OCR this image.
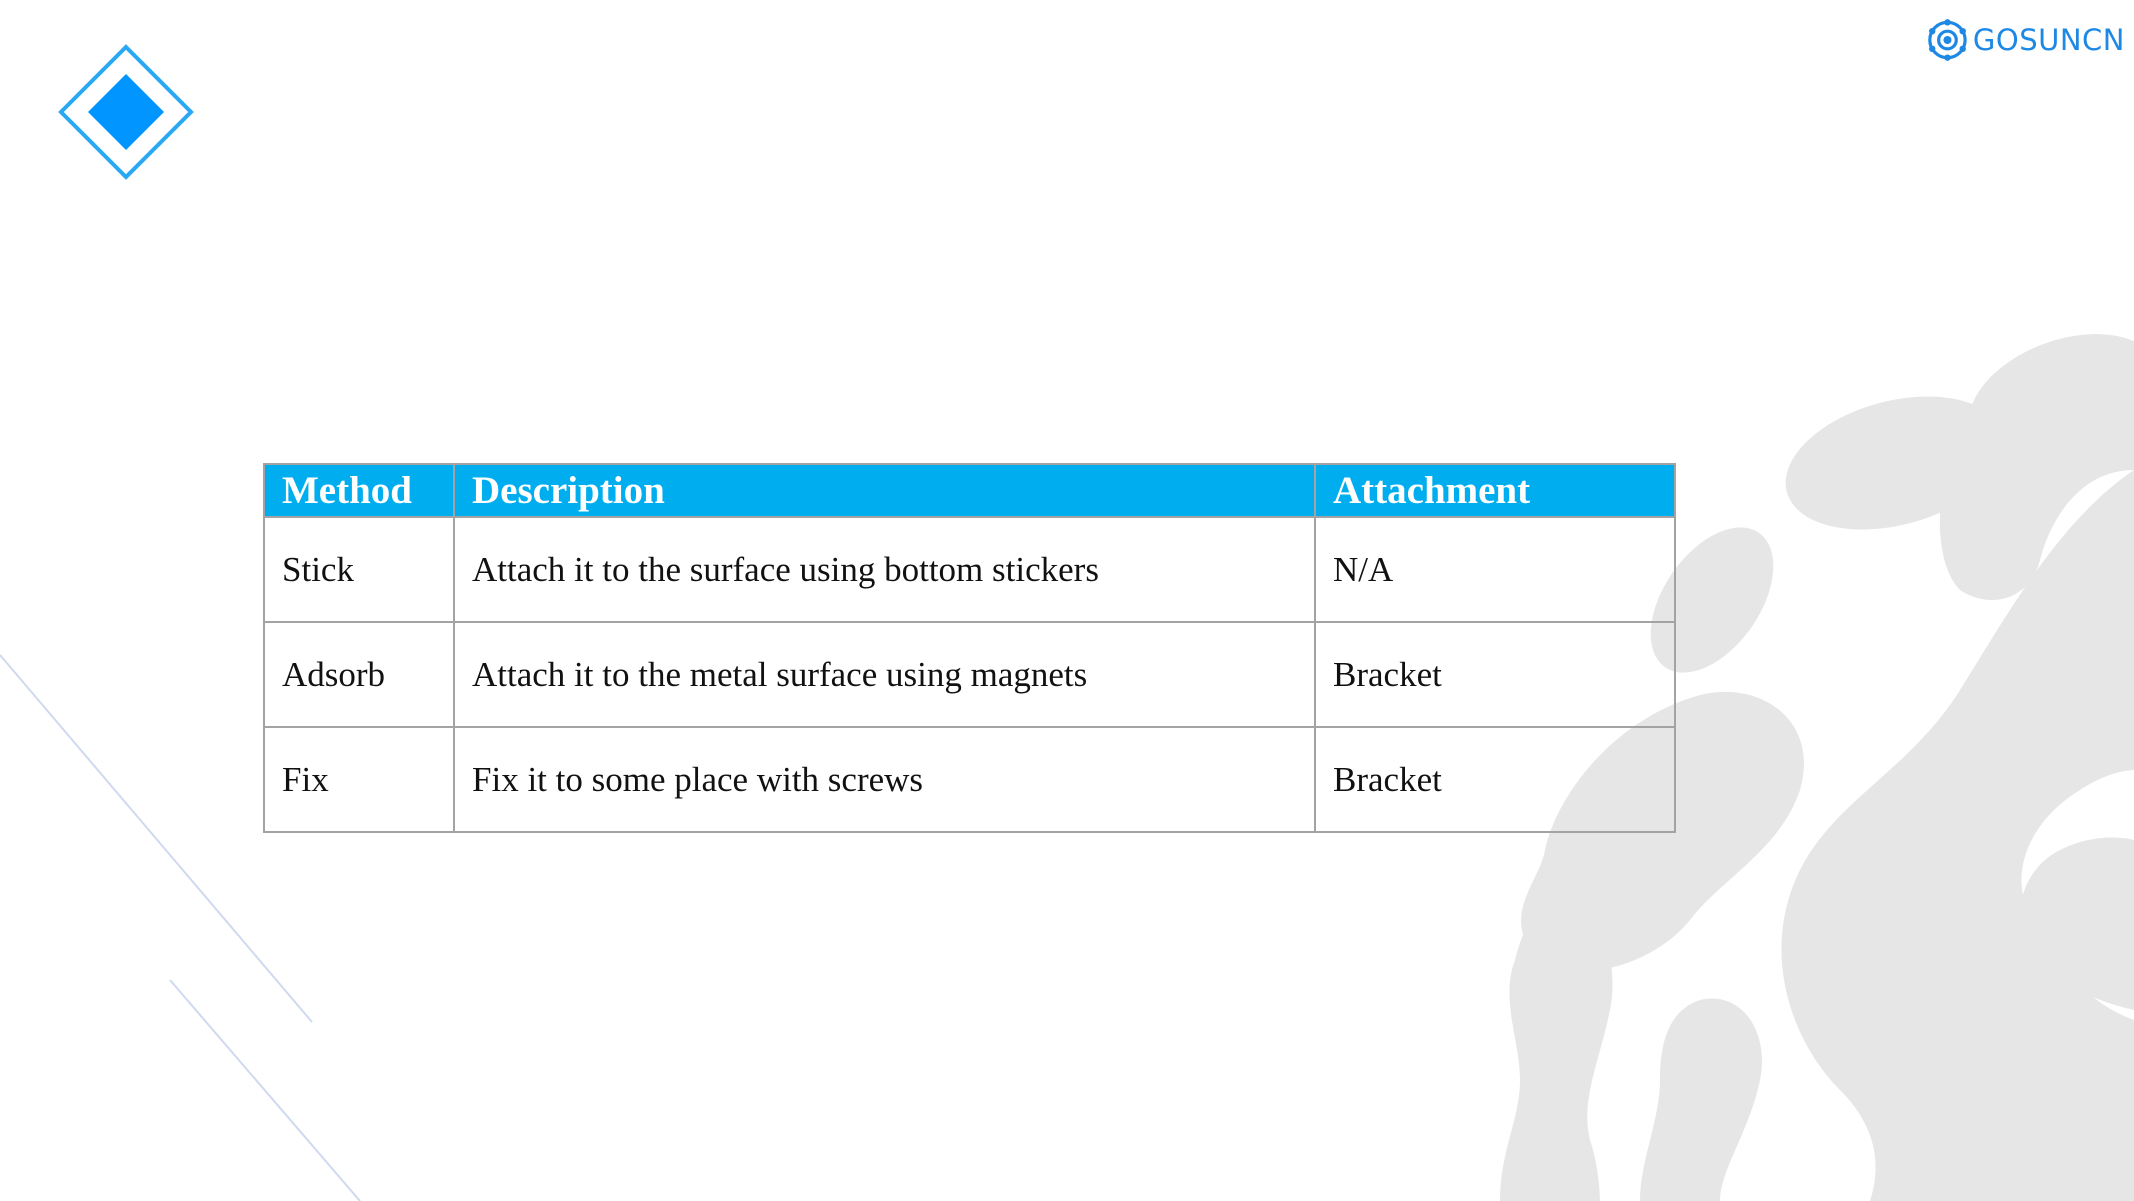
GOSUNCN
Method	Description	Attachment
Stick	Attach it to the surface using bottom stickers	N/A
Adsorb	Attach it to the metal surface using magnets	Bracket
Fix	Fix it to some place with screws	Bracket
